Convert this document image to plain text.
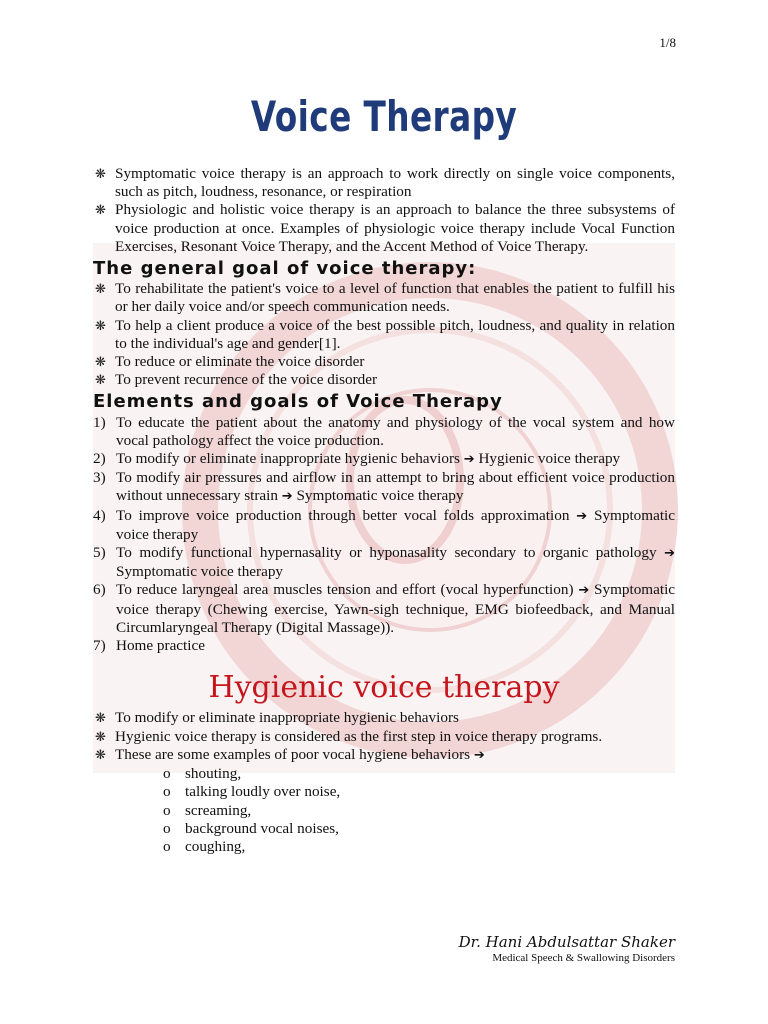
1/8
Voice Therapy
❋ Symptomatic voice therapy is an approach to work directly on single voice components, such as pitch, loudness, resonance, or respiration
❋ Physiologic and holistic voice therapy is an approach to balance the three subsystems of voice production at once. Examples of physiologic voice therapy include Vocal Function Exercises, Resonant Voice Therapy, and the Accent Method of Voice Therapy.
The general goal of voice therapy:
❋ To rehabilitate the patient's voice to a level of function that enables the patient to fulfill his or her daily voice and/or speech communication needs.
❋ To help a client produce a voice of the best possible pitch, loudness, and quality in relation to the individual's age and gender[1].
❋ To reduce or eliminate the voice disorder
❋ To prevent recurrence of the voice disorder
Elements and goals of Voice Therapy
1) To educate the patient about the anatomy and physiology of the vocal system and how vocal pathology affect the voice production.
2) To modify or eliminate inappropriate hygienic behaviors ➔ Hygienic voice therapy
3) To modify air pressures and airflow in an attempt to bring about efficient voice production without unnecessary strain ➔ Symptomatic voice therapy
4) To improve voice production through better vocal folds approximation ➔ Symptomatic voice therapy
5) To modify functional hypernasality or hyponasality secondary to organic pathology ➔ Symptomatic voice therapy
6) To reduce laryngeal area muscles tension and effort (vocal hyperfunction) ➔ Symptomatic voice therapy (Chewing exercise, Yawn-sigh technique, EMG biofeedback, and Manual Circumlaryngeal Therapy (Digital Massage)).
7) Home practice
Hygienic voice therapy
❋ To modify or eliminate inappropriate hygienic behaviors
❋ Hygienic voice therapy is considered as the first step in voice therapy programs.
❋ These are some examples of poor vocal hygiene behaviors ➔
o shouting,
o talking loudly over noise,
o screaming,
o background vocal noises,
o coughing,
Dr. Hani Abdulsattar Shaker
Medical Speech & Swallowing Disorders
